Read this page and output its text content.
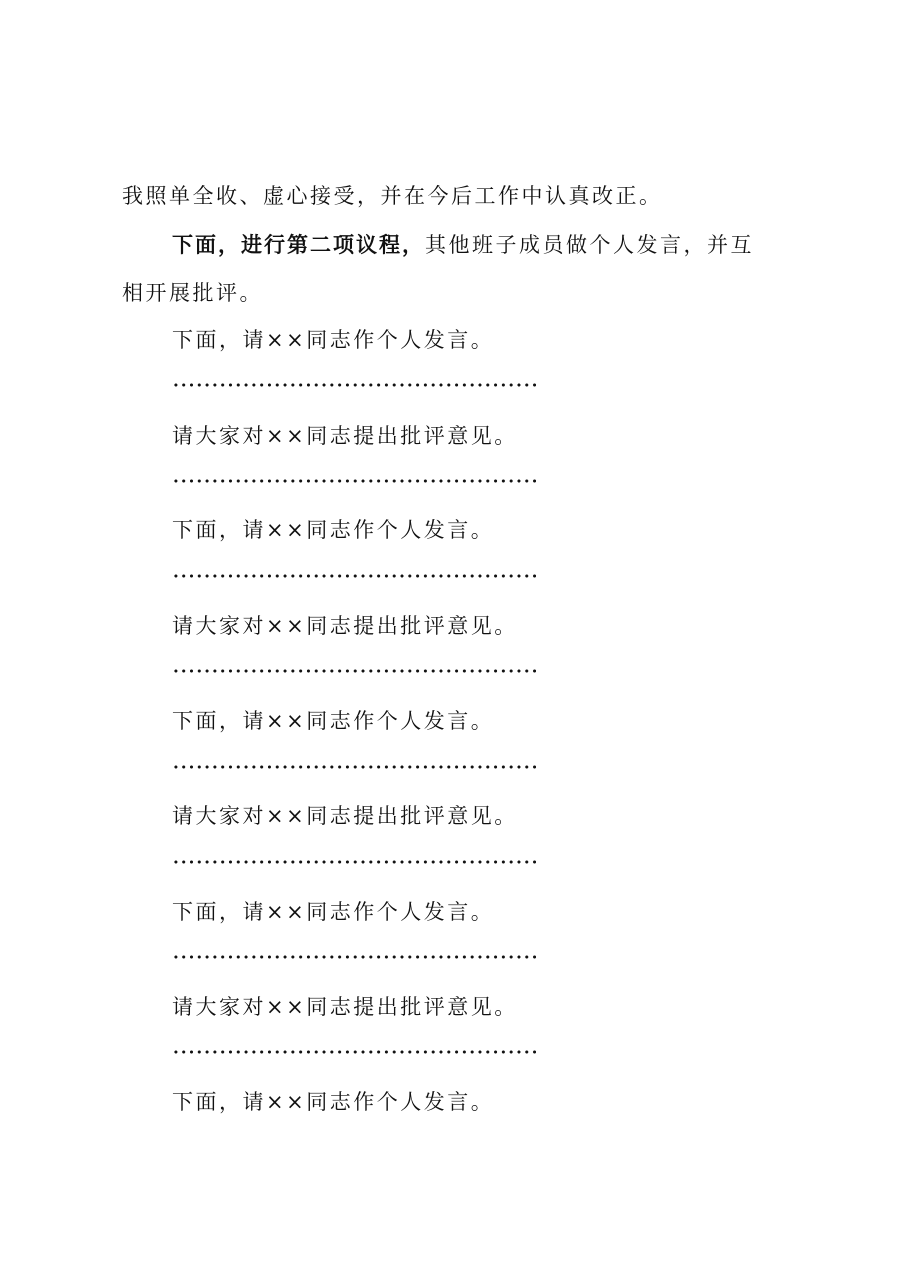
我照单全收、虚心接受，并在今后工作中认真改正。
下面，进行第二项议程，其他班子成员做个人发言，并互
相开展批评。
下面，请××同志作个人发言。
请大家对××同志提出批评意见。
下面，请××同志作个人发言。
请大家对××同志提出批评意见。
下面，请××同志作个人发言。
请大家对××同志提出批评意见。
下面，请××同志作个人发言。
请大家对××同志提出批评意见。
下面，请××同志作个人发言。
